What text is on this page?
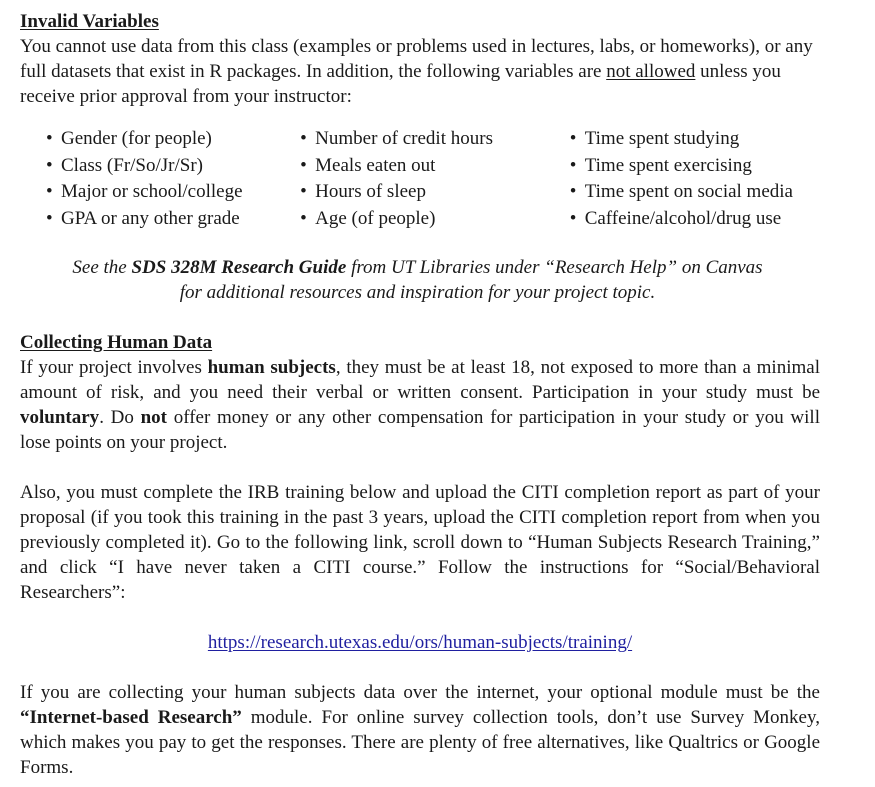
Invalid Variables

You cannot use data from this class (examples or problems used in lectures, labs, or homeworks), or any full datasets that exist in R packages. In addition, the following variables are not allowed unless you receive prior approval from your instructor:

• Gender (for people)
• Class (Fr/So/Jr/Sr)
• Major or school/college
• GPA or any other grade
• Number of credit hours
• Meals eaten out
• Hours of sleep
• Age (of people)
• Time spent studying
• Time spent exercising
• Time spent on social media
• Caffeine/alcohol/drug use
See the SDS 328M Research Guide from UT Libraries under “Research Help” on Canvas
for additional resources and inspiration for your project topic.
Collecting Human Data

If your project involves human subjects, they must be at least 18, not exposed to more than a minimal amount of risk, and you need their verbal or written consent. Participation in your study must be voluntary. Do not offer money or any other compensation for participation in your study or you will lose points on your project.

Also, you must complete the IRB training below and upload the CITI completion report as part of your proposal (if you took this training in the past 3 years, upload the CITI completion report from when you previously completed it). Go to the following link, scroll down to “Human Subjects Research Training,” and click “I have never taken a CITI course.” Follow the instructions for “Social/Behavioral Researchers”:

https://research.utexas.edu/ors/human-subjects/training/

If you are collecting your human subjects data over the internet, your optional module must be the “Internet-based Research” module. For online survey collection tools, don’t use Survey Monkey, which makes you pay to get the responses. There are plenty of free alternatives, like Qualtrics or Google Forms.
